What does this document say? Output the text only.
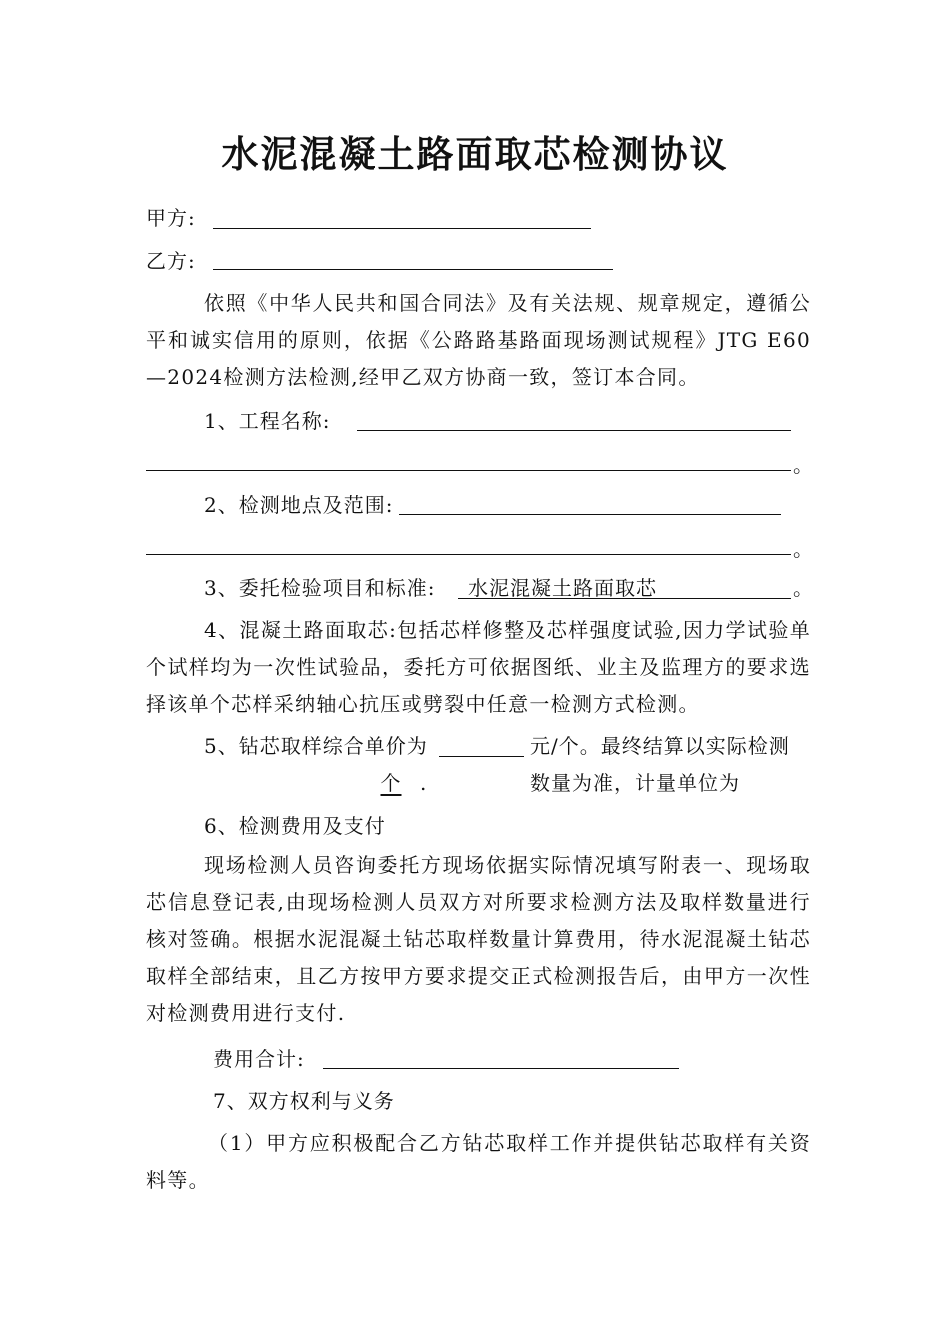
水泥混凝土路面取芯检测协议
甲方:
乙方:
依照《中华人民共和国合同法》及有关法规、规章规定，遵循公平和诚实信用的原则，依据《公路路基路面现场测试规程》JTG E60—2024检测方法检测,经甲乙双方协商一致，签订本合同。
1、工程名称:
。
2、检测地点及范围:
。
3、委托检验项目和标准:	水泥混凝土路面取芯	。
4、混凝土路面取芯:包括芯样修整及芯样强度试验,因力学试验单个试样均为一次性试验品，委托方可依据图纸、业主及监理方的要求选择该单个芯样采纳轴心抗压或劈裂中任意一检测方式检测。
5、钻芯取样综合单价为	元/个。最终结算以实际检测数量为准，计量单位为
个 .
6、检测费用及支付
现场检测人员咨询委托方现场依据实际情况填写附表一、现场取芯信息登记表,由现场检测人员双方对所要求检测方法及取样数量进行核对签确。根据水泥混凝土钻芯取样数量计算费用，待水泥混凝土钻芯取样全部结束，且乙方按甲方要求提交正式检测报告后，由甲方一次性对检测费用进行支付.
费用合计:
7、双方权利与义务
（1）甲方应积极配合乙方钻芯取样工作并提供钻芯取样有关资料等。
